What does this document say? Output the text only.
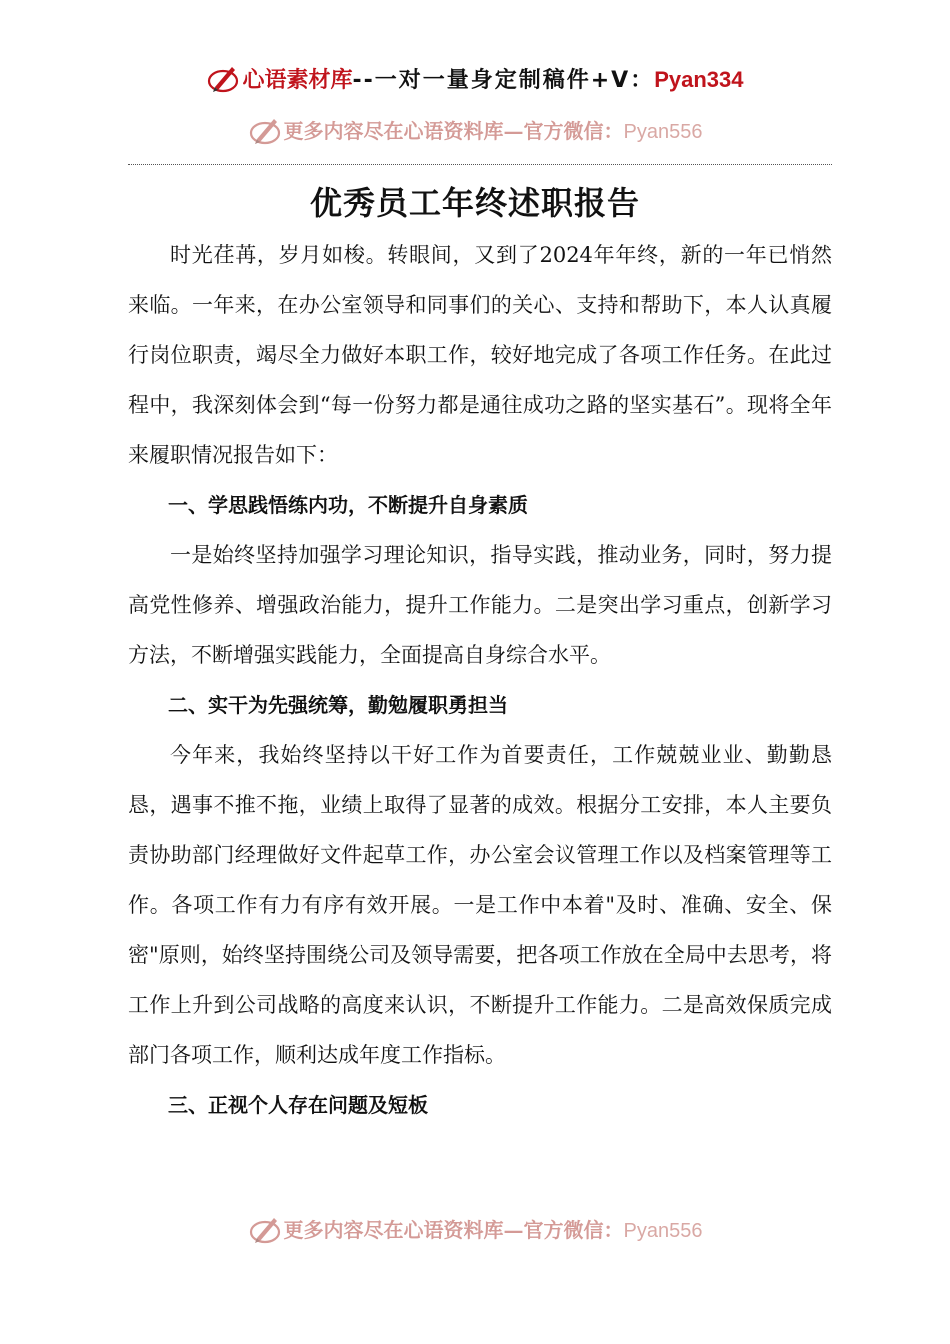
心语素材库--一对一量身定制稿件+V：Pyan334
更多内容尽在心语资料库—官方微信：Pyan556
优秀员工年终述职报告

时光荏苒，岁月如梭。转眼间，又到了2024年年终，新的一年已悄然来临。一年来，在办公室领导和同事们的关心、支持和帮助下，本人认真履行岗位职责，竭尽全力做好本职工作，较好地完成了各项工作任务。在此过程中，我深刻体会到“每一份努力都是通往成功之路的坚实基石”。现将全年来履职情况报告如下：

一、学思践悟练内功，不断提升自身素质

一是始终坚持加强学习理论知识，指导实践，推动业务，同时，努力提高党性修养、增强政治能力，提升工作能力。二是突出学习重点，创新学习方法，不断增强实践能力，全面提高自身综合水平。

二、实干为先强统筹，勤勉履职勇担当

今年来，我始终坚持以干好工作为首要责任，工作兢兢业业、勤勤恳恳，遇事不推不拖，业绩上取得了显著的成效。根据分工安排，本人主要负责协助部门经理做好文件起草工作，办公室会议管理工作以及档案管理等工作。各项工作有力有序有效开展。一是工作中本着"及时、准确、安全、保密"原则，始终坚持围绕公司及领导需要，把各项工作放在全局中去思考，将工作上升到公司战略的高度来认识，不断提升工作能力。二是高效保质完成部门各项工作，顺利达成年度工作指标。

三、正视个人存在问题及短板
更多内容尽在心语资料库—官方微信：Pyan556
